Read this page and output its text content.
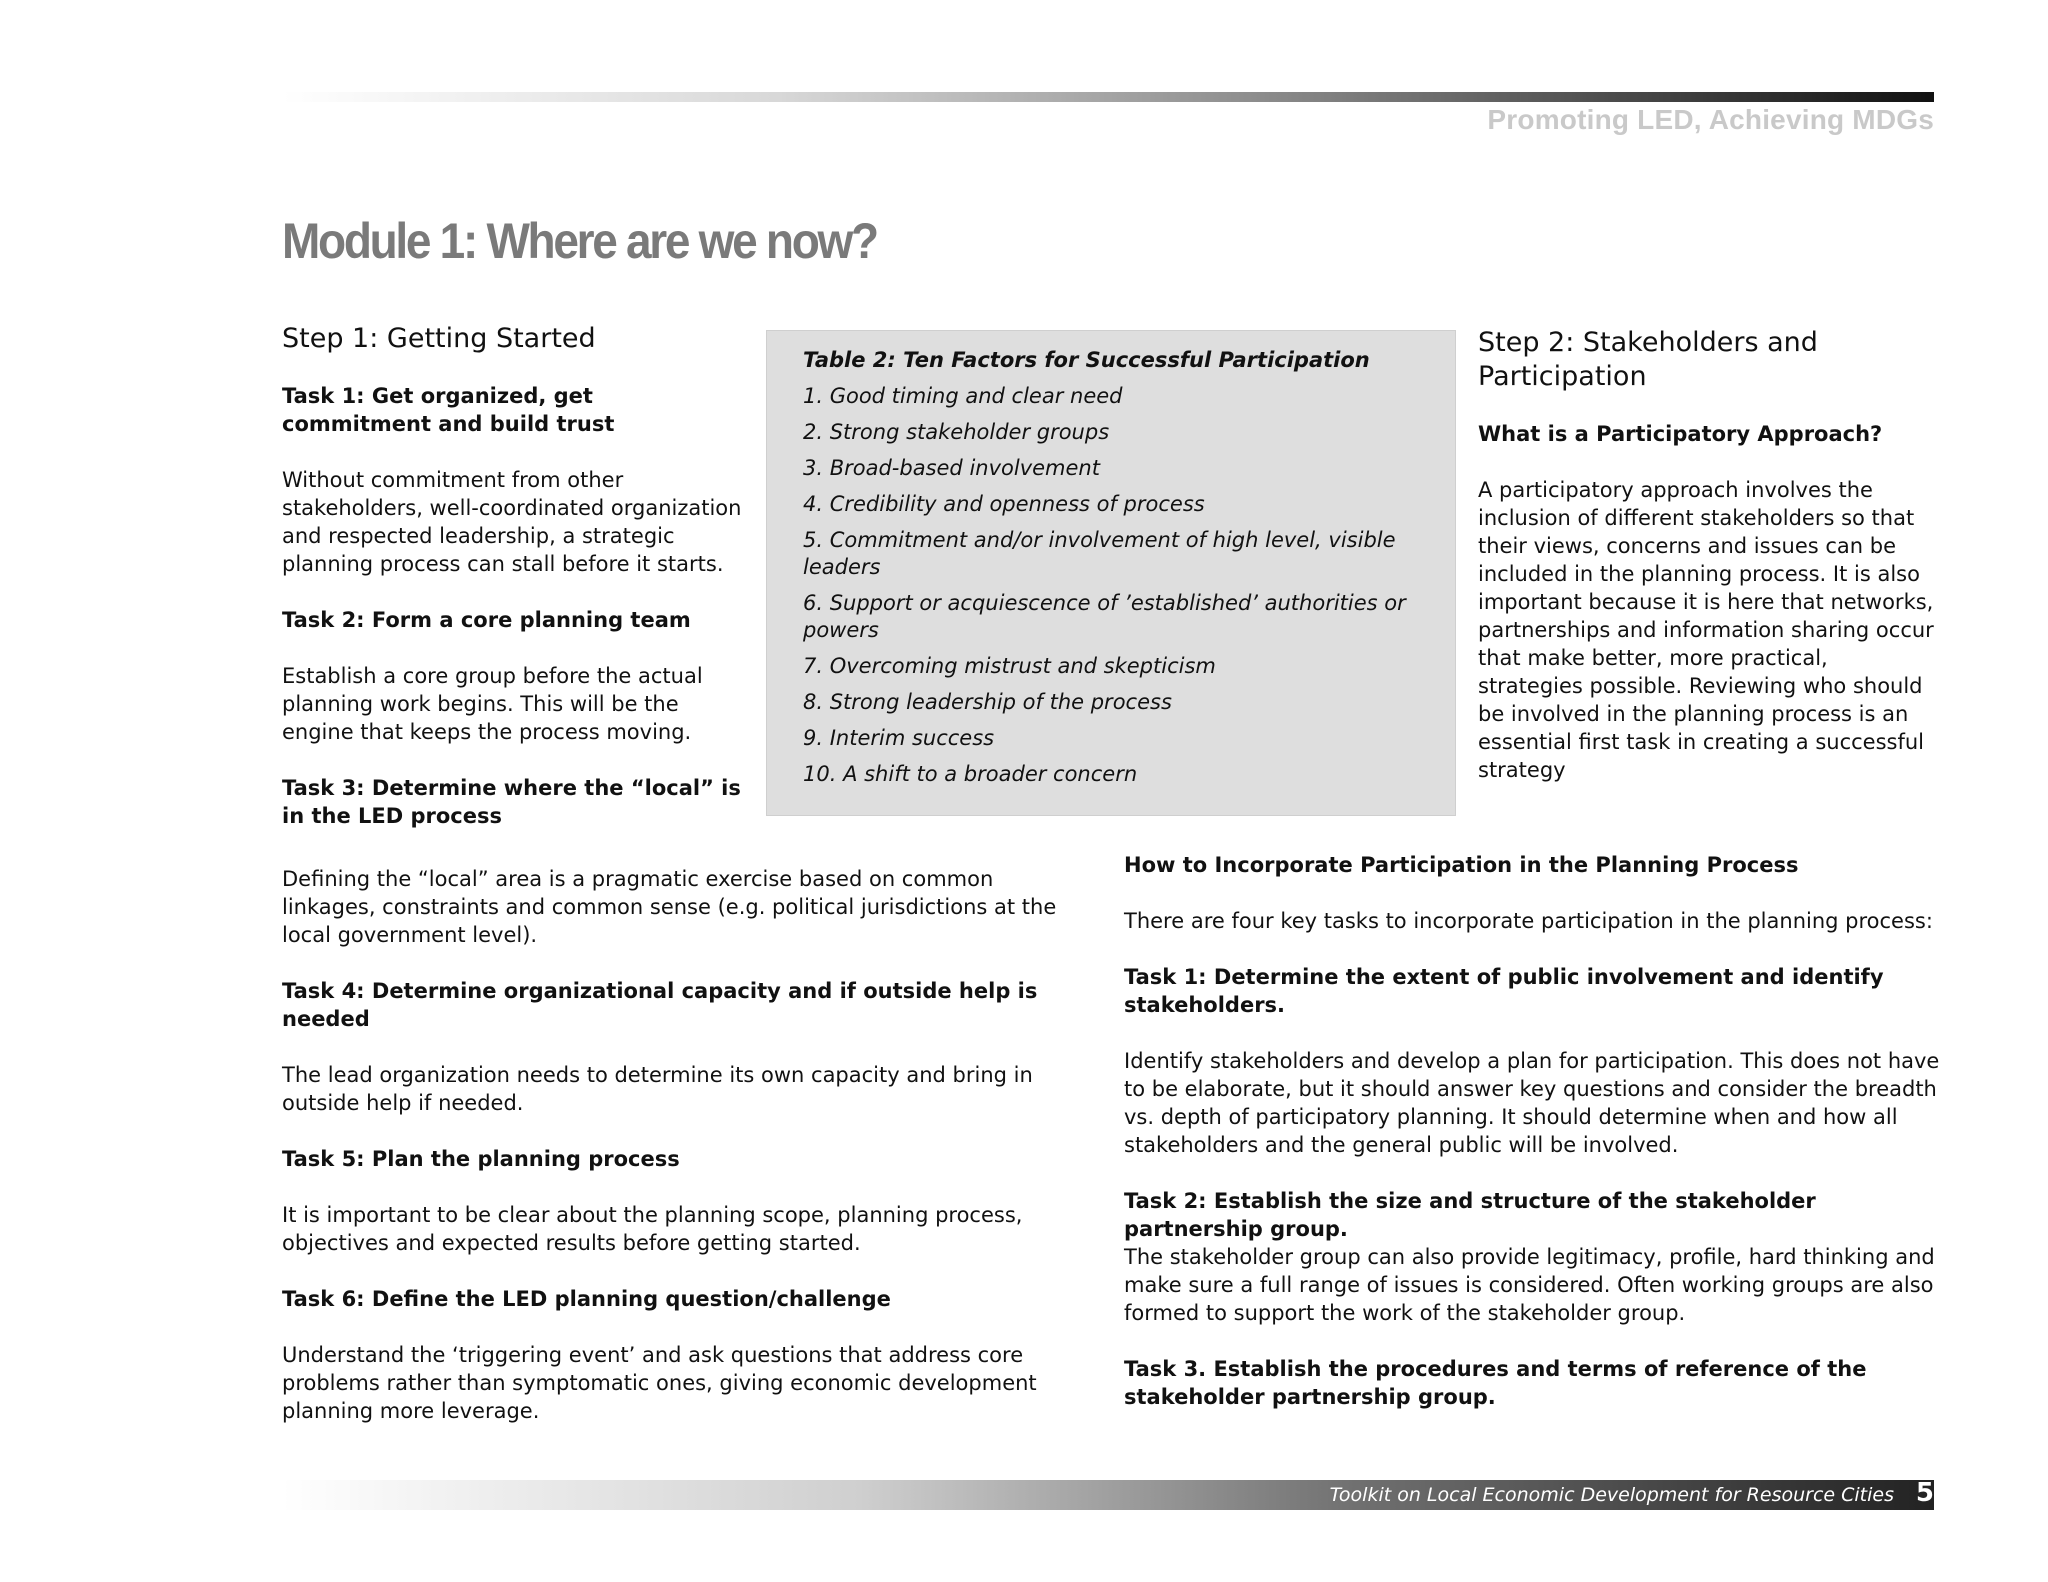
Promoting LED, Achieving MDGs
Module 1: Where are we now?
Step 1: Getting Started

Task 1: Get organized, get commitment and build trust

Without commitment from other stakeholders, well-coordinated organization and respected leadership, a strategic planning process can stall before it starts.

Task 2: Form a core planning team

Establish a core group before the actual planning work begins. This will be the engine that keeps the process moving.

Task 3: Determine where the “local” is in the LED process

Defining the “local” area is a pragmatic exercise based on common linkages, constraints and common sense (e.g. political jurisdictions at the local government level).

Task 4: Determine organizational capacity and if outside help is needed

The lead organization needs to determine its own capacity and bring in outside help if needed.

Task 5: Plan the planning process

It is important to be clear about the planning scope, planning process, objectives and expected results before getting started.

Task 6: Define the LED planning question/challenge

Understand the ‘triggering event’ and ask questions that address core problems rather than symptomatic ones, giving economic development planning more leverage.

Table 2: Ten Factors for Successful Participation
1. Good timing and clear need
2. Strong stakeholder groups
3. Broad-based involvement
4. Credibility and openness of process
5. Commitment and/or involvement of high level, visible leaders
6. Support or acquiescence of ’established’ authorities or powers
7. Overcoming mistrust and skepticism
8. Strong leadership of the process
9. Interim success
10. A shift to a broader concern
Step 2: Stakeholders and Participation

What is a Participatory Approach?

A participatory approach involves the inclusion of different stakeholders so that their views, concerns and issues can be included in the planning process. It is also important because it is here that networks, partnerships and information sharing occur that make better, more practical, strategies possible. Reviewing who should be involved in the planning process is an essential first task in creating a successful strategy

How to Incorporate Participation in the Planning Process

There are four key tasks to incorporate participation in the planning process:

Task 1: Determine the extent of public involvement and identify stakeholders.

Identify stakeholders and develop a plan for participation. This does not have to be elaborate, but it should answer key questions and consider the breadth vs. depth of participatory planning. It should determine when and how all stakeholders and the general public will be involved.

Task 2: Establish the size and structure of the stakeholder partnership group.

The stakeholder group can also provide legitimacy, profile, hard thinking and make sure a full range of issues is considered. Often working groups are also formed to support the work of the stakeholder group.

Task 3. Establish the procedures and terms of reference of the stakeholder partnership group.

Toolkit on Local Economic Development for Resource Cities 5
